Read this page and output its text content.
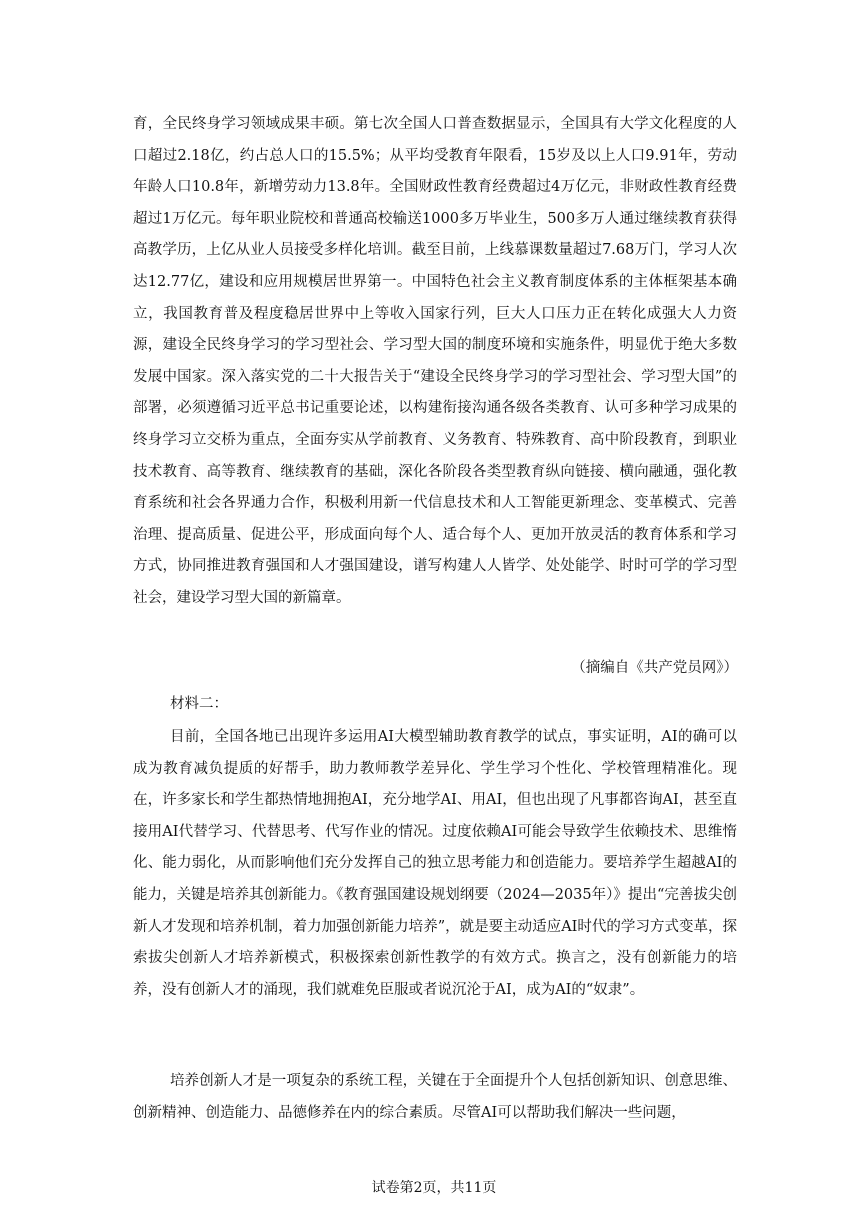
育，全民终身学习领域成果丰硕。第七次全国人口普查数据显示，全国具有大学文化程度的人口超过2.18亿，约占总人口的15.5%；从平均受教育年限看，15岁及以上人口9.91年，劳动年龄人口10.8年，新增劳动力13.8年。全国财政性教育经费超过4万亿元，非财政性教育经费超过1万亿元。每年职业院校和普通高校输送1000多万毕业生，500多万人通过继续教育获得高教学历，上亿从业人员接受多样化培训。截至目前，上线慕课数量超过7.68万门，学习人次达12.77亿，建设和应用规模居世界第一。中国特色社会主义教育制度体系的主体框架基本确立，我国教育普及程度稳居世界中上等收入国家行列，巨大人口压力正在转化成强大人力资源，建设全民终身学习的学习型社会、学习型大国的制度环境和实施条件，明显优于绝大多数发展中国家。深入落实党的二十大报告关于“建设全民终身学习的学习型社会、学习型大国”的部署，必须遵循习近平总书记重要论述，以构建衔接沟通各级各类教育、认可多种学习成果的终身学习立交桥为重点，全面夯实从学前教育、义务教育、特殊教育、高中阶段教育，到职业技术教育、高等教育、继续教育的基础，深化各阶段各类型教育纵向链接、横向融通，强化教育系统和社会各界通力合作，积极利用新一代信息技术和人工智能更新理念、变革模式、完善治理、提高质量、促进公平，形成面向每个人、适合每个人、更加开放灵活的教育体系和学习方式，协同推进教育强国和人才强国建设，谱写构建人人皆学、处处能学、时时可学的学习型社会，建设学习型大国的新篇章。

（摘编自《共产党员网》）
材料二：

目前，全国各地已出现许多运用AI大模型辅助教育教学的试点，事实证明，AI的确可以成为教育减负提质的好帮手，助力教师教学差异化、学生学习个性化、学校管理精准化。现在，许多家长和学生都热情地拥抱AI，充分地学AI、用AI，但也出现了凡事都咨询AI，甚至直接用AI代替学习、代替思考、代写作业的情况。过度依赖AI可能会导致学生依赖技术、思维惰化、能力弱化，从而影响他们充分发挥自己的独立思考能力和创造能力。要培养学生超越AI的能力，关键是培养其创新能力。《教育强国建设规划纲要（2024—2035年）》提出“完善拔尖创新人才发现和培养机制，着力加强创新能力培养”，就是要主动适应AI时代的学习方式变革，探索拔尖创新人才培养新模式，积极探索创新性教学的有效方式。换言之，没有创新能力的培养，没有创新人才的涌现，我们就难免臣服或者说沉沦于AI，成为AI的“奴隶”。

培养创新人才是一项复杂的系统工程，关键在于全面提升个人包括创新知识、创意思维、创新精神、创造能力、品德修养在内的综合素质。尽管AI可以帮助我们解决一些问题，

试卷第2页，共11页
